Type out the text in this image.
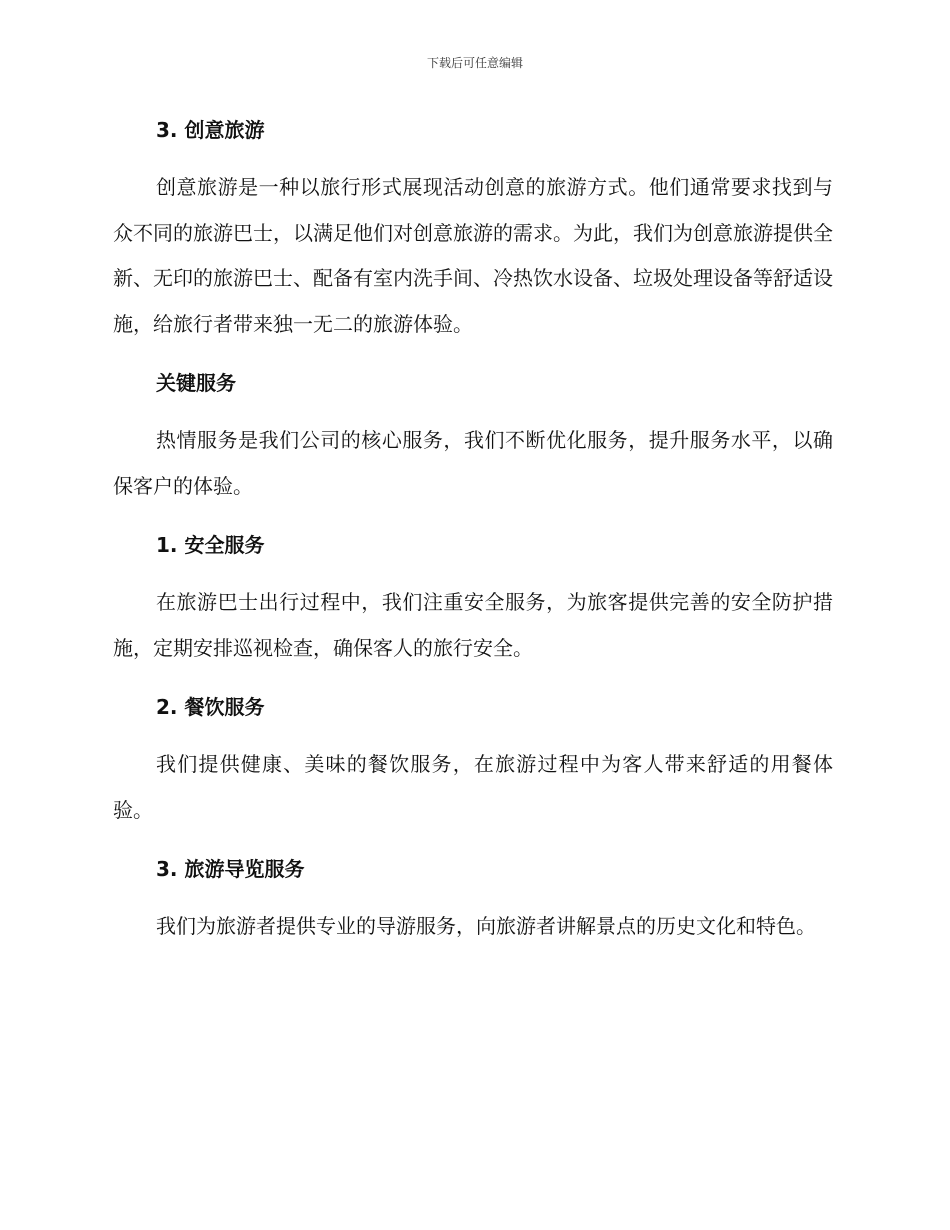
下载后可任意编辑
3. 创意旅游

创意旅游是一种以旅行形式展现活动创意的旅游方式。他们通常要求找到与众不同的旅游巴士，以满足他们对创意旅游的需求。为此，我们为创意旅游提供全新、无印的旅游巴士、配备有室内洗手间、冷热饮水设备、垃圾处理设备等舒适设施，给旅行者带来独一无二的旅游体验。

关键服务

热情服务是我们公司的核心服务，我们不断优化服务，提升服务水平，以确保客户的体验。

1. 安全服务

在旅游巴士出行过程中，我们注重安全服务，为旅客提供完善的安全防护措施，定期安排巡视检查，确保客人的旅行安全。

2. 餐饮服务

我们提供健康、美味的餐饮服务，在旅游过程中为客人带来舒适的用餐体验。

3. 旅游导览服务

我们为旅游者提供专业的导游服务，向旅游者讲解景点的历史文化和特色。
